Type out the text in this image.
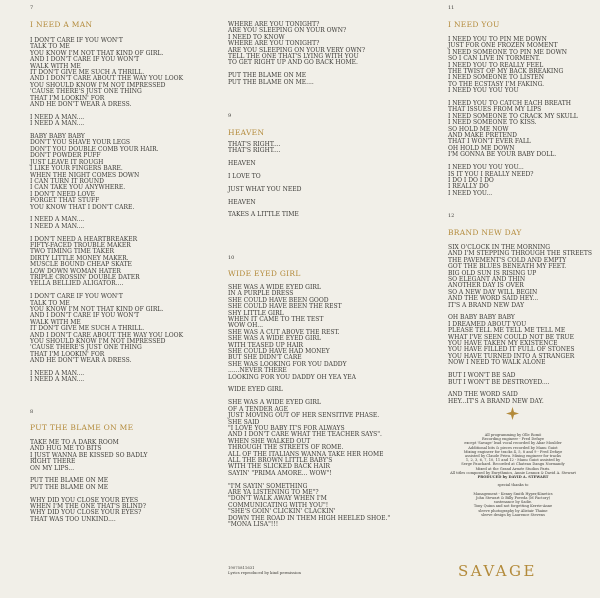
7

I NEED A MAN

I DON'T CARE IF YOU WON'T
TALK TO ME
YOU KNOW I'M NOT THAT KIND OF GIRL.
AND I DON'T CARE IF YOU WON'T
WALK WITH ME
IT DON'T GIVE ME SUCH A THRILL.
AND I DON'T CARE ABOUT THE WAY YOU LOOK
YOU SHOULD KNOW I'M NOT IMPRESSED
'CAUSE THERE'S JUST ONE THING
THAT I'M LOOKIN' FOR
AND HE DON'T WEAR A DRESS.
I NEED A MAN....
I NEED A MAN....
BABY BABY BABY
DON'T YOU SHAVE YOUR LEGS
DON'T YOU DOUBLE COMB YOUR HAIR.
DON'T POWDER PUFF
JUST LEAVE IT ROUGH
I LIKE YOUR FINGERS BARE.
WHEN THE NIGHT COMES DOWN
I CAN TURN IT ROUND
I CAN TAKE YOU ANYWHERE.
I DON'T NEED LOVE
FORGET THAT STUFF
YOU KNOW THAT I DON'T CARE.
I NEED A MAN....
I NEED A MAN....
I DON'T NEED A HEARTBREAKER
FIFTY-FACED TROUBLE MAKER
TWO TIMING TIME TAKER
DIRTY LITTLE MONEY MAKER.
MUSCLE BOUND CHEAP SKATE
LOW DOWN WOMAN HATER
TRIPLE CROSSIN' DOUBLE DATER
YELLA BELLIED ALIGATOR....
I DON'T CARE IF YOU WON'T
TALK TO ME
YOU KNOW I'M NOT THAT KIND OF GIRL.
AND I DON'T CARE IF YOU WON'T
WALK WITH ME
IT DON'T GIVE ME SUCH A THRILL.
AND I DON'T CARE ABOUT THE WAY YOU LOOK
YOU SHOULD KNOW I'M NOT IMPRESSED
'CAUSE THERE'S JUST ONE THING
THAT I'M LOOKIN' FOR
AND HE DON'T WEAR A DRESS.
I NEED A MAN....
I NEED A MAN....

8

PUT THE BLAME ON ME

TAKE ME TO A DARK ROOM
AND HUG ME TO BITS
I JUST WANNA BE KISSED SO BADLY
RIGHT THERE
ON MY LIPS...
PUT THE BLAME ON ME
PUT THE BLAME ON ME
WHY DID YOU CLOSE YOUR EYES
WHEN I'M THE ONE THAT'S BLIND?
WHY DID YOU CLOSE YOUR EYES?
THAT WAS TOO UNKIND....
WHERE ARE YOU TONIGHT?
ARE YOU SLEEPING ON YOUR OWN?
I NEED TO KNOW
WHERE ARE YOU TONIGHT?
ARE YOU SLEEPING ON YOUR VERY OWN?
TELL THE ONE THAT'S LYING WITH YOU
TO GET RIGHT UP AND GO BACK HOME.
PUT THE BLAME ON ME
PUT THE BLAME ON ME....

9

HEAVEN

THAT'S RIGHT....
THAT'S RIGHT....
HEAVEN
I LOVE TO
JUST WHAT YOU NEED
HEAVEN
TAKES A LITTLE TIME

10

WIDE EYED GIRL

SHE WAS A WIDE EYED GIRL
IN A PURPLE DRESS
SHE COULD HAVE BEEN GOOD
SHE COULD HAVE BEEN THE REST
SHY LITTLE GIRL
WHEN IT CAME TO THE TEST
WOW OH...
SHE WAS A CUT ABOVE THE REST.
SHE WAS A WIDE EYED GIRL
WITH TEASED UP HAIR
SHE COULD HAVE HAD MONEY
BUT SHE DIDN'T CARE
SHE WAS LOOKING FOR YOU DADDY
......NEVER THERE
LOOKING FOR YOU DADDY OH YEA YEA
WIDE EYED GIRL
SHE WAS A WIDE EYED GIRL
OF A TENDER AGE
JUST MOVING OUT OF HER SENSITIVE PHASE.
SHE SAID
"I LOVE YOU BABY IT'S FOR ALWAYS
AND I DON'T CARE WHAT THE TEACHER SAYS".
WHEN SHE WALKED OUT
THROUGH THE STREETS OF ROME.
ALL OF THE ITALIANS WANNA TAKE HER HOME
ALL THE BROWN LITTLE BABY'S
WITH THE SLICKED BACK HAIR
SAYIN' "PRIMA AMORE... WOW"!
"I'M SAYIN' SOMETHING
ARE YA LISTENING TO ME"?
"DON'T WALK AWAY WHEN I'M
COMMUNICATING WITH YOU"!
"SHE'S GOIN' CLICKIN' CLACKIN'
DOWN THE ROAD IN THEM HIGH HEELED SHOE."
"MONA LISA"!!!

19075811631

Lyrics reproduced by kind permission

11

I NEED YOU

I NEED YOU TO PIN ME DOWN
JUST FOR ONE FROZEN MOMENT
I NEED SOMEONE TO PIN ME DOWN
SO I CAN LIVE IN TORMENT.
I NEED YOU TO REALLY FEEL
THE TWIST OF MY BACK BREAKING
I NEED SOMEONE TO LISTEN
TO THE ECSTASY I'M FAKING.
I NEED YOU YOU YOU
I NEED YOU TO CATCH EACH BREATH
THAT ISSUES FROM MY LIPS
I NEED SOMEONE TO CRACK MY SKULL
I NEED SOMEONE TO KISS.
SO HOLD ME NOW
AND MAKE PRETEND
THAT I WON'T EVER FALL
OH HOLD ME DOWN
I'M GONNA BE YOUR BABY DOLL.
I NEED YOU YOU YOU...
IS IT YOU I REALLY NEED?
I DO I DO I DO
I REALLY DO
I NEED YOU...

12

BRAND NEW DAY

SIX O'CLOCK IN THE MORNING
AND I'M STEPPING THROUGH THE STREETS
THE PAVEMENT'S COLD AND EMPTY
GOT THE BLUES BENEATH MY FEET.
BIG OLD SUN IS RISING UP
SO ELEGANT AND THIN
ANOTHER DAY IS OVER
SO A NEW DAY WILL BEGIN
AND THE WORD SAID HEY...
IT'S A BRAND NEW DAY
OH BABY BABY BABY
I DREAMED ABOUT YOU
PLEASE TELL ME TELL ME TELL ME
WHAT I'VE SEEN COULD NOT BE TRUE
YOU HAVE TAKEN MY EXISTENCE
YOU HAVE FILLED IT FULL OF STONES
YOU HAVE TURNED INTO A STRANGER
NOW I NEED TO WALK ALONE
BUT I WON'T BE SAD
BUT I WON'T BE DESTROYED....
AND THE WORD SAID
HEY...IT'S A BRAND NEW DAY.

All programming by Olle Romö

Recording engineer - Fred Defaye

except 'Savage' lead vocal recorded by Abar Moulder

Additional bits & pieces recorded by Manu Guiot

Mixing engineer for tracks 4, 5, 8 and 9 - Fred Defaye

assisted by Claude Prieu. Mixing engineer for tracks

1, 2, 3, 6, 7, 10, 11 and 12 - Manu Guiot assisted by

Serge Pauchard. Recorded at Chateau Dangu Normandy

Mixed at the Grand Armée Studios Paris.

All titles composed by Eurythmics, Annie Lennox & David A. Stewart

PRODUCED by DAVID A. STEWART

special thanks to

Management - Kenny Smith Hyper/Kinetics

John Stewart & Billy Poveda (M Factory)

sustenance by Sadie.

Tony Quinn and not forgetting Kerrie-Anne

sleeve photography by Alistair Thaine

sleeve design by Laurence Stevens

SAVAGE
